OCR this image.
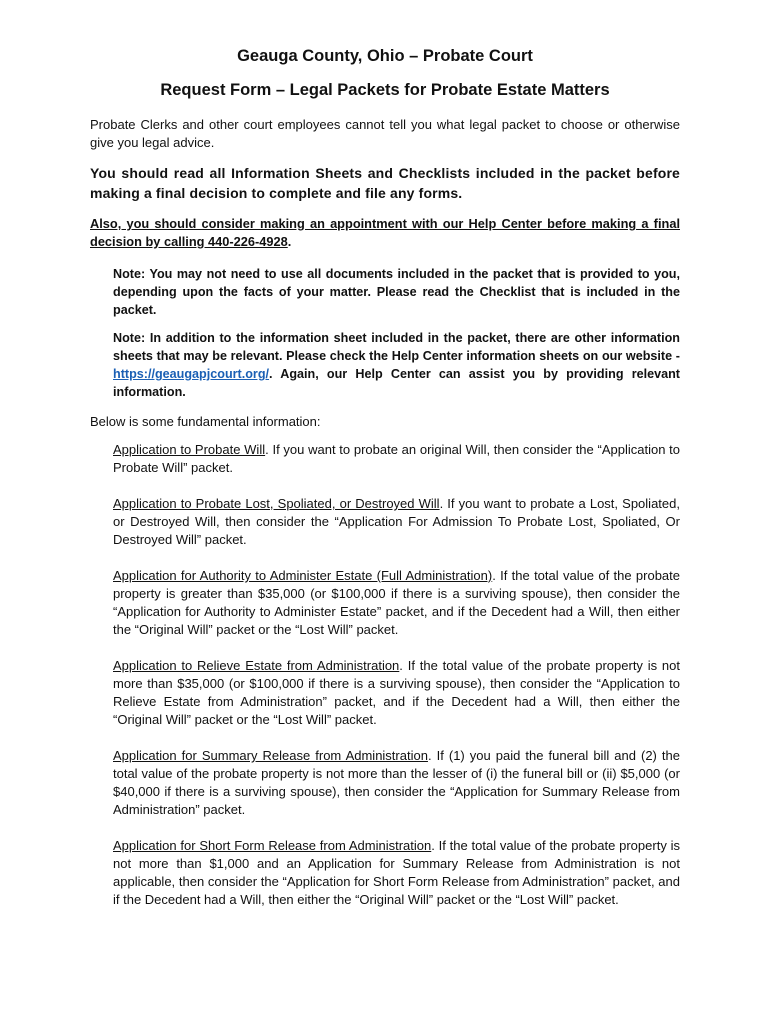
Geauga County, Ohio – Probate Court
Request Form – Legal Packets for Probate Estate Matters

Probate Clerks and other court employees cannot tell you what legal packet to choose or otherwise give you legal advice.

You should read all Information Sheets and Checklists included in the packet before making a final decision to complete and file any forms.

Also, you should consider making an appointment with our Help Center before making a final decision by calling 440-226-4928.

Note: You may not need to use all documents included in the packet that is provided to you, depending upon the facts of your matter. Please read the Checklist that is included in the packet.

Note: In addition to the information sheet included in the packet, there are other information sheets that may be relevant. Please check the Help Center information sheets on our website - https://geaugapjcourt.org/. Again, our Help Center can assist you by providing relevant information.

Below is some fundamental information:

Application to Probate Will. If you want to probate an original Will, then consider the “Application to Probate Will” packet.

Application to Probate Lost, Spoliated, or Destroyed Will. If you want to probate a Lost, Spoliated, or Destroyed Will, then consider the “Application For Admission To Probate Lost, Spoliated, Or Destroyed Will” packet.

Application for Authority to Administer Estate (Full Administration). If the total value of the probate property is greater than $35,000 (or $100,000 if there is a surviving spouse), then consider the “Application for Authority to Administer Estate” packet, and if the Decedent had a Will, then either the “Original Will” packet or the “Lost Will” packet.

Application to Relieve Estate from Administration. If the total value of the probate property is not more than $35,000 (or $100,000 if there is a surviving spouse), then consider the “Application to Relieve Estate from Administration” packet, and if the Decedent had a Will, then either the “Original Will” packet or the “Lost Will” packet.

Application for Summary Release from Administration. If (1) you paid the funeral bill and (2) the total value of the probate property is not more than the lesser of (i) the funeral bill or (ii) $5,000 (or $40,000 if there is a surviving spouse), then consider the “Application for Summary Release from Administration” packet.

Application for Short Form Release from Administration. If the total value of the probate property is not more than $1,000 and an Application for Summary Release from Administration is not applicable, then consider the “Application for Short Form Release from Administration” packet, and if the Decedent had a Will, then either the “Original Will” packet or the “Lost Will” packet.
